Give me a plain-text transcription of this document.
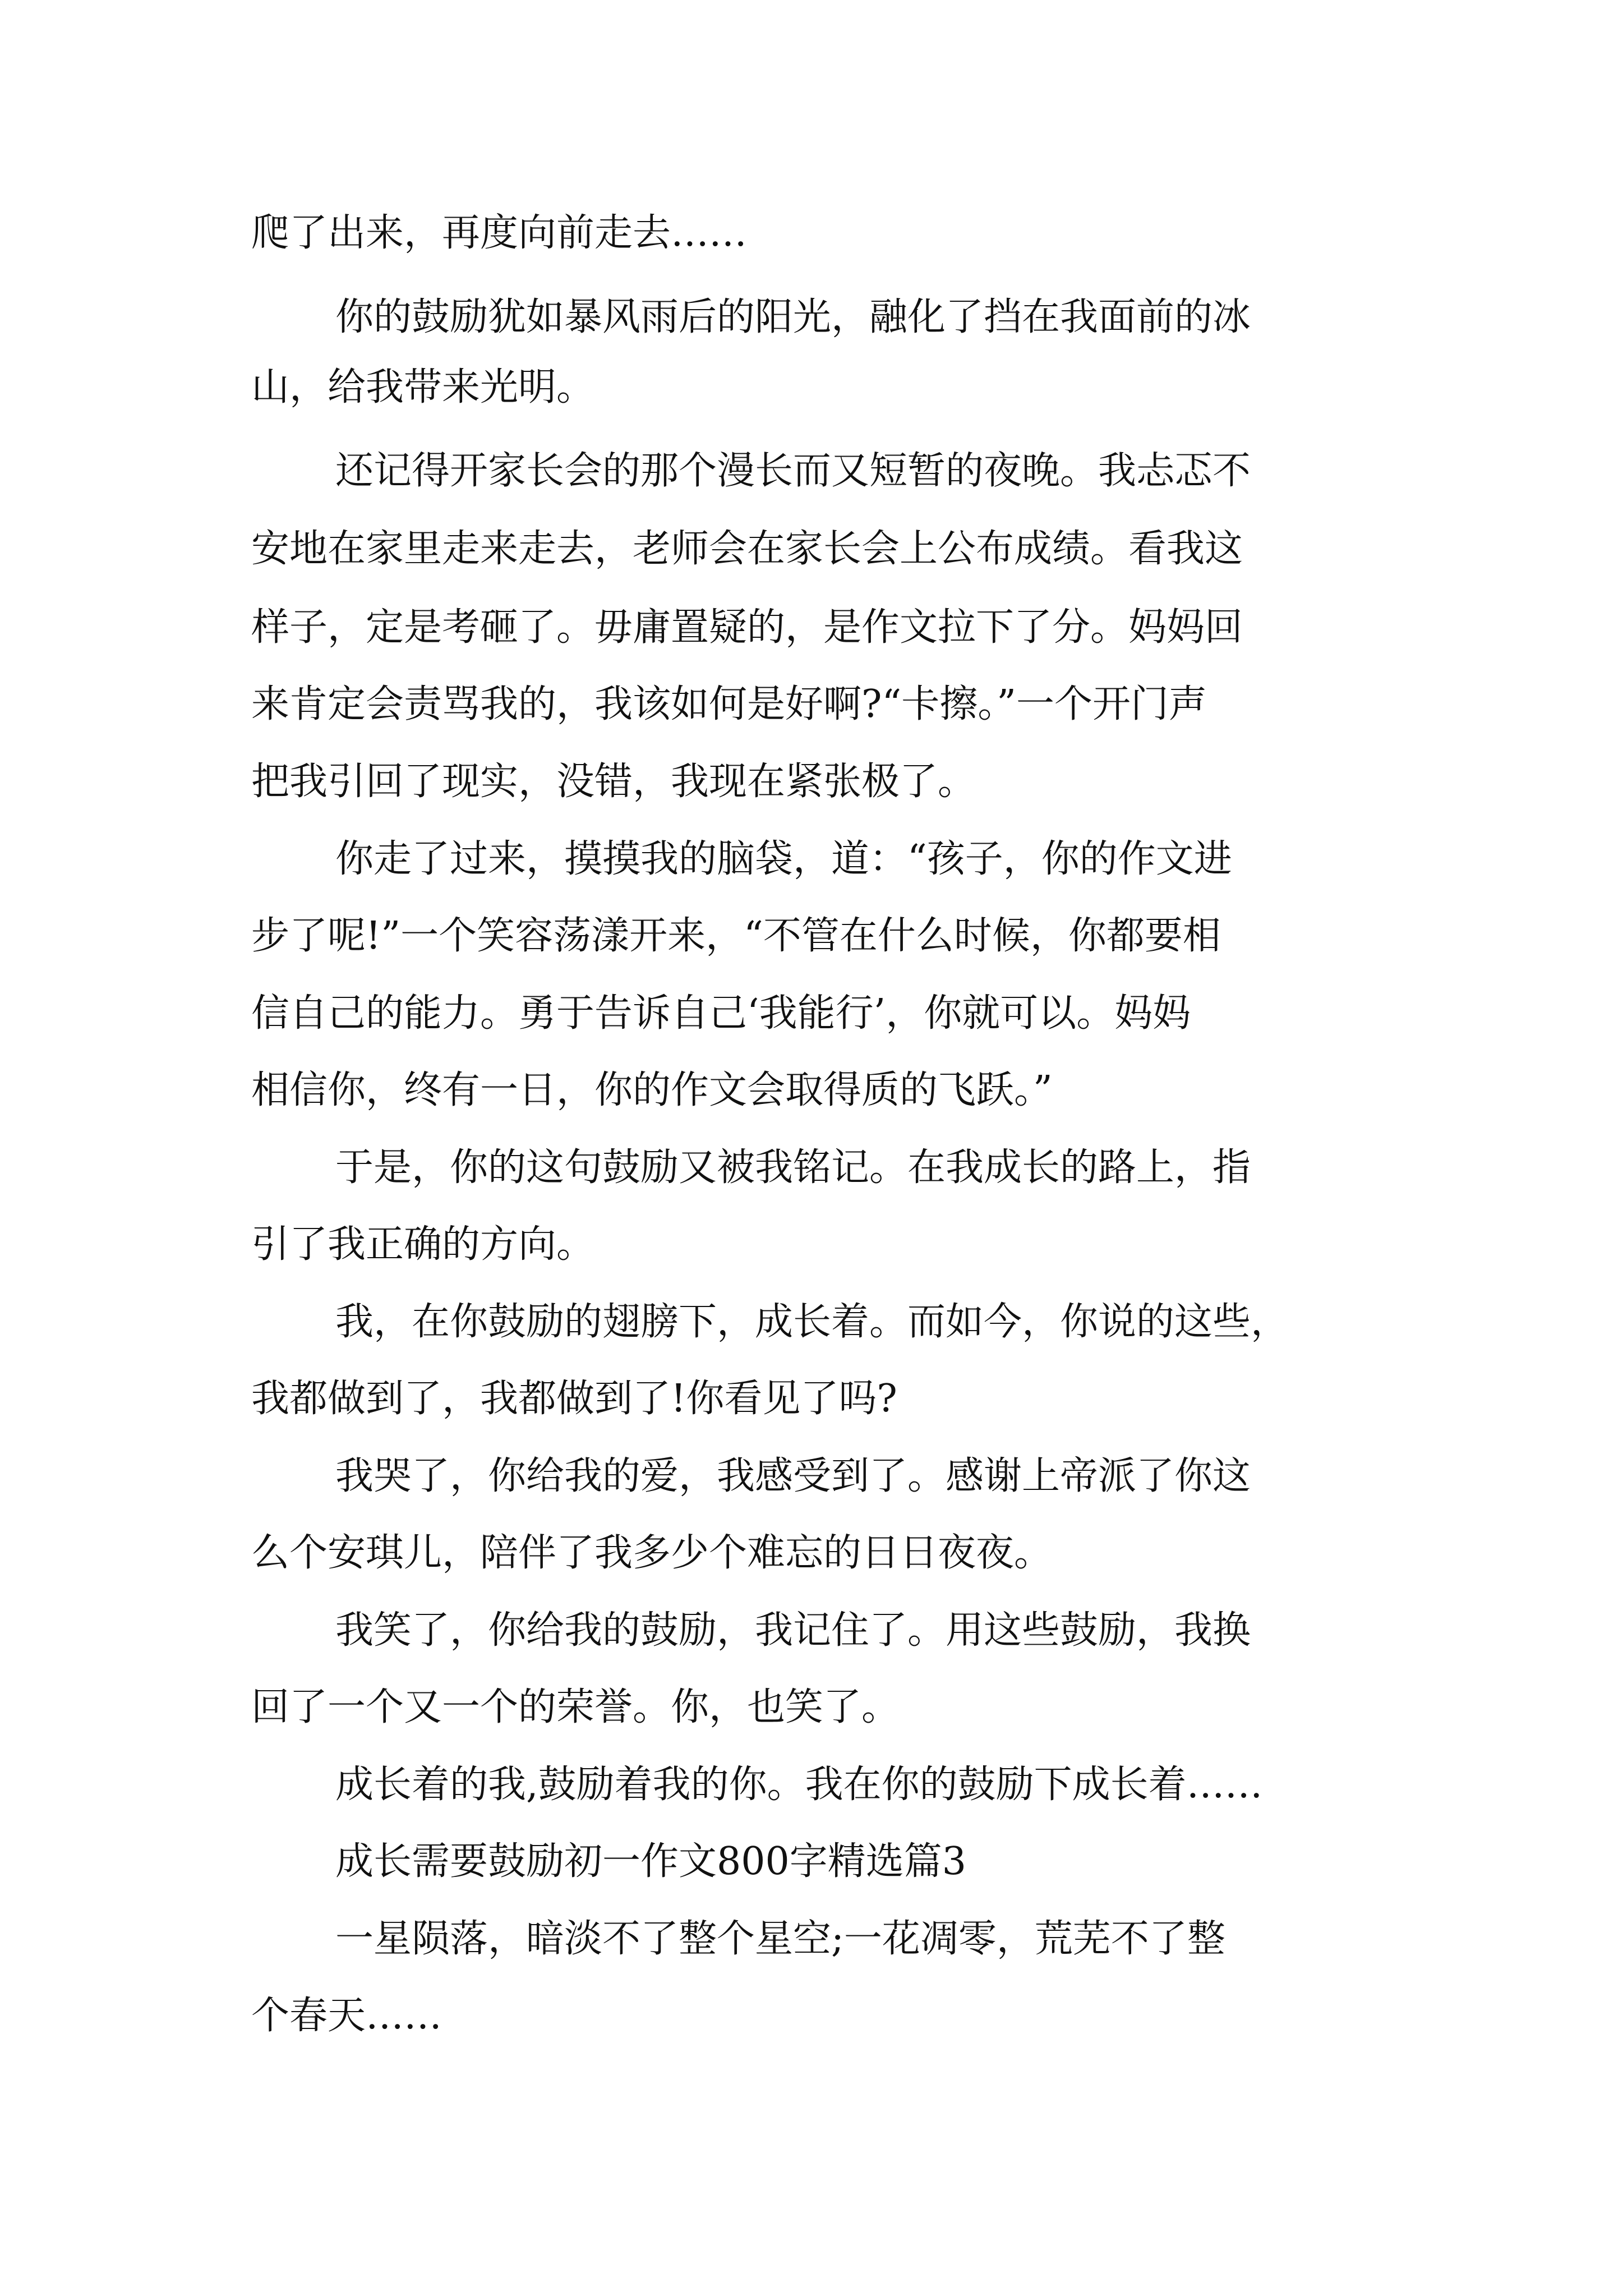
爬了出来，再度向前走去……
你的鼓励犹如暴风雨后的阳光，融化了挡在我面前的冰
山，给我带来光明。
还记得开家长会的那个漫长而又短暂的夜晚。我忐忑不
安地在家里走来走去，老师会在家长会上公布成绩。看我这
样子，定是考砸了。毋庸置疑的，是作文拉下了分。妈妈回
来肯定会责骂我的，我该如何是好啊?“卡擦。”一个开门声
把我引回了现实，没错，我现在紧张极了。
你走了过来，摸摸我的脑袋，道：“孩子，你的作文进
步了呢!”一个笑容荡漾开来，“不管在什么时候，你都要相
信自己的能力。勇于告诉自己‘我能行’，你就可以。妈妈
相信你，终有一日，你的作文会取得质的飞跃。”
于是，你的这句鼓励又被我铭记。在我成长的路上，指
引了我正确的方向。
我，在你鼓励的翅膀下，成长着。而如今，你说的这些，
我都做到了，我都做到了!你看见了吗?
我哭了，你给我的爱，我感受到了。感谢上帝派了你这
么个安琪儿，陪伴了我多少个难忘的日日夜夜。
我笑了，你给我的鼓励，我记住了。用这些鼓励，我换
回了一个又一个的荣誉。你，也笑了。
成长着的我,鼓励着我的你。我在你的鼓励下成长着……
成长需要鼓励初一作文800字精选篇3
一星陨落，暗淡不了整个星空;一花凋零，荒芜不了整
个春天……
